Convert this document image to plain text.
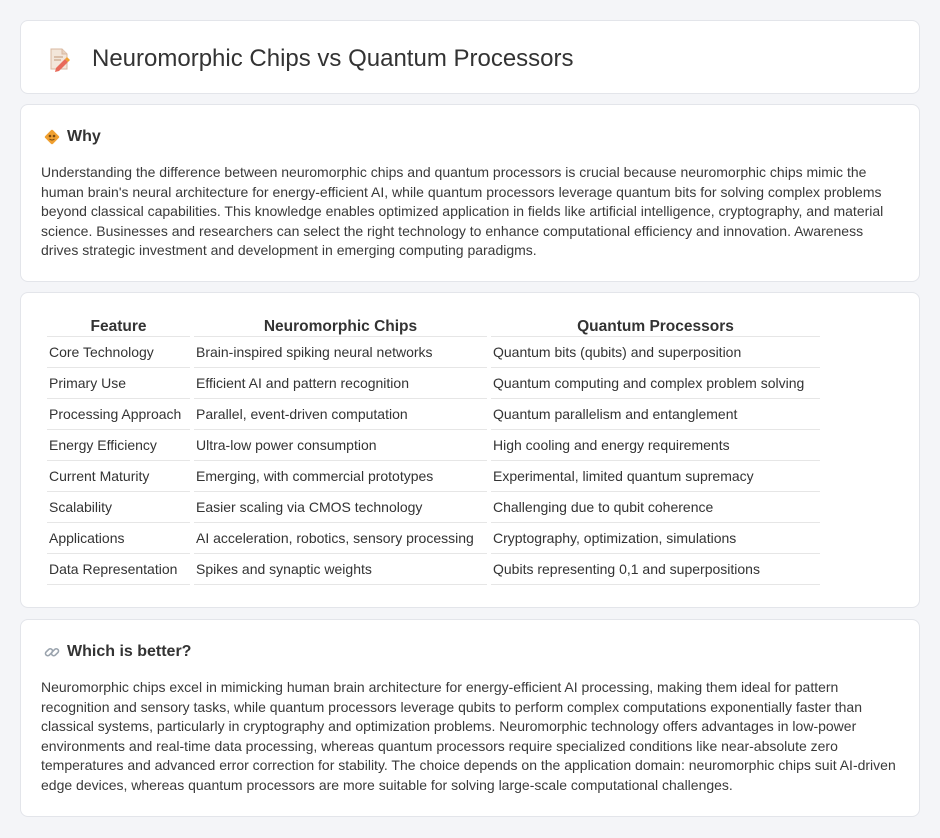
Neuromorphic Chips vs Quantum Processors
Why

Understanding the difference between neuromorphic chips and quantum processors is crucial because neuromorphic chips mimic the human brain's neural architecture for energy-efficient AI, while quantum processors leverage quantum bits for solving complex problems beyond classical capabilities. This knowledge enables optimized application in fields like artificial intelligence, cryptography, and material science. Businesses and researchers can select the right technology to enhance computational efficiency and innovation. Awareness drives strategic investment and development in emerging computing paradigms.

Feature	Neuromorphic Chips	Quantum Processors
Core Technology	Brain-inspired spiking neural networks	Quantum bits (qubits) and superposition
Primary Use	Efficient AI and pattern recognition	Quantum computing and complex problem solving
Processing Approach	Parallel, event-driven computation	Quantum parallelism and entanglement
Energy Efficiency	Ultra-low power consumption	High cooling and energy requirements
Current Maturity	Emerging, with commercial prototypes	Experimental, limited quantum supremacy
Scalability	Easier scaling via CMOS technology	Challenging due to qubit coherence
Applications	AI acceleration, robotics, sensory processing	Cryptography, optimization, simulations
Data Representation	Spikes and synaptic weights	Qubits representing 0,1 and superpositions
Which is better?

Neuromorphic chips excel in mimicking human brain architecture for energy-efficient AI processing, making them ideal for pattern recognition and sensory tasks, while quantum processors leverage qubits to perform complex computations exponentially faster than classical systems, particularly in cryptography and optimization problems. Neuromorphic technology offers advantages in low-power environments and real-time data processing, whereas quantum processors require specialized conditions like near-absolute zero temperatures and advanced error correction for stability. The choice depends on the application domain: neuromorphic chips suit AI-driven edge devices, whereas quantum processors are more suitable for solving large-scale computational challenges.
